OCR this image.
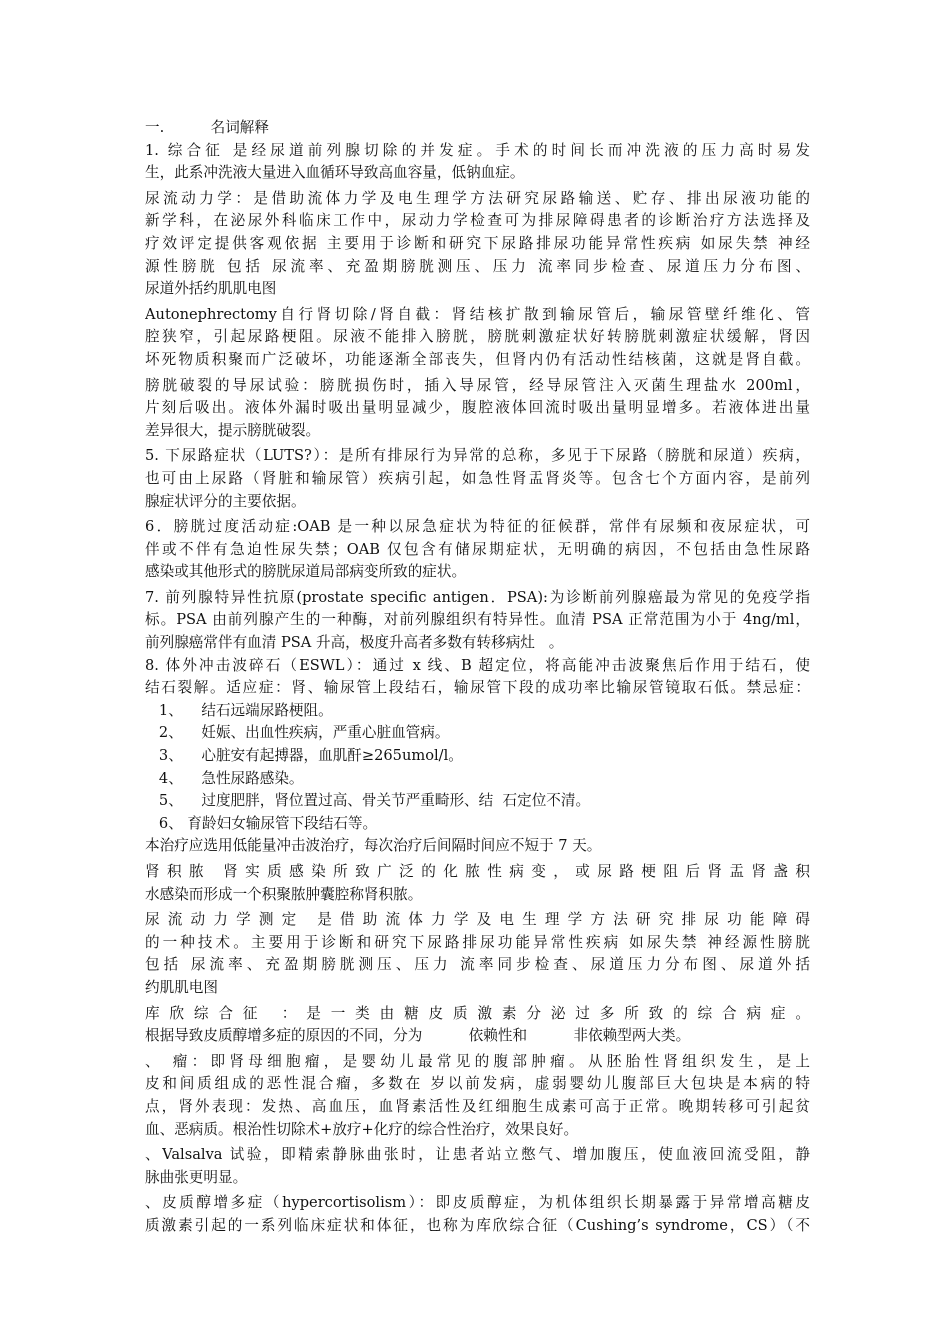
一.          名词解释
1. 综合征 是经尿道前列腺切除的并发症。手术的时间长而冲洗液的压力高时易发
生，此系冲洗液大量进入血循环导致高血容量，低钠血症。
尿流动力学：是借助流体力学及电生理学方法研究尿路输送、贮存、排出尿液功能的
新学科，在泌尿外科临床工作中，尿动力学检查可为排尿障碍患者的诊断治疗方法选择及
疗效评定提供客观依据 主要用于诊断和研究下尿路排尿功能异常性疾病 如尿失禁 神经
源性膀胱 包括 尿流率、充盈期膀胱测压、压力 流率同步检查、尿道压力分布图、
尿道外括约肌肌电图
Autonephrectomy自行肾切除/肾自截：肾结核扩散到输尿管后，输尿管壁纤维化、管
腔狭窄，引起尿路梗阻。尿液不能排入膀胱，膀胱刺激症状好转膀胱刺激症状缓解，肾因
坏死物质积聚而广泛破坏，功能逐渐全部丧失，但肾内仍有活动性结核菌，这就是肾自截。
膀胱破裂的导尿试验：膀胱损伤时，插入导尿管，经导尿管注入灭菌生理盐水 200ml，
片刻后吸出。液体外漏时吸出量明显减少，腹腔液体回流时吸出量明显增多。若液体进出量
差异很大，提示膀胱破裂。
5. 下尿路症状（LUTS?）：是所有排尿行为异常的总称，多见于下尿路（膀胱和尿道）疾病，
也可由上尿路（肾脏和输尿管）疾病引起，如急性肾盂肾炎等。包含七个方面内容，是前列
腺症状评分的主要依据。
6．膀胱过度活动症:OAB 是一种以尿急症状为特征的征候群，常伴有尿频和夜尿症状，可
伴或不伴有急迫性尿失禁；OAB 仅包含有储尿期症状，无明确的病因，不包括由急性尿路
感染或其他形式的膀胱尿道局部病变所致的症状。
7. 前列腺特异性抗原(prostate specific antigen．PSA):为诊断前列腺癌最为常见的免疫学指
标。PSA 由前列腺产生的一种酶，对前列腺组织有特异性。血清 PSA 正常范围为小于 4ng/ml，
前列腺癌常伴有血清 PSA 升高，极度升高者多数有转移病灶   。
8. 体外冲击波碎石（ESWL）：通过 x 线、B 超定位，将高能冲击波聚焦后作用于结石，使
结石裂解。适应症：肾、输尿管上段结石，输尿管下段的成功率比输尿管镜取石低。禁忌症：
1、    结石远端尿路梗阻。
2、    妊娠、出血性疾病，严重心脏血管病。
3、    心脏安有起搏器，血肌酐≥265umol/l。
4、    急性尿路感染。
5、    过度肥胖，肾位置过高、骨关节严重畸形、结  石定位不清。
6、 育龄妇女输尿管下段结石等。
本治疗应选用低能量冲击波治疗，每次治疗后间隔时间应不短于 7 天。
肾积脓 肾实质感染所致广泛的化脓性病变，或尿路梗阻后肾盂肾盏积
水感染而形成一个积聚脓肿囊腔称肾积脓。
尿流动力学测定 是借助流体力学及电生理学方法研究排尿功能障碍
的一种技术。主要用于诊断和研究下尿路排尿功能异常性疾病 如尿失禁 神经源性膀胱
包括 尿流率、充盈期膀胱测压、压力 流率同步检查、尿道压力分布图、尿道外括
约肌肌电图
库欣综合征 ：是一类由糖皮质激素分泌过多所致的综合病症。
根据导致皮质醇增多症的原因的不同，分为          依赖性和          非依赖型两大类。
、 瘤：即肾母细胞瘤，是婴幼儿最常见的腹部肿瘤。从胚胎性肾组织发生，是上
皮和间质组成的恶性混合瘤，多数在 岁以前发病，虚弱婴幼儿腹部巨大包块是本病的特
点，肾外表现：发热、高血压，血肾素活性及红细胞生成素可高于正常。晚期转移可引起贫
血、恶病质。根治性切除术+放疗+化疗的综合性治疗，效果良好。
、Valsalva 试验，即精索静脉曲张时，让患者站立憋气、增加腹压，使血液回流受阻，静
脉曲张更明显。
、皮质醇增多症（hypercortisolism）：即皮质醇症，为机体组织长期暴露于异常增高糖皮
质激素引起的一系列临床症状和体征，也称为库欣综合征（Cushing’s syndrome，CS）（不
